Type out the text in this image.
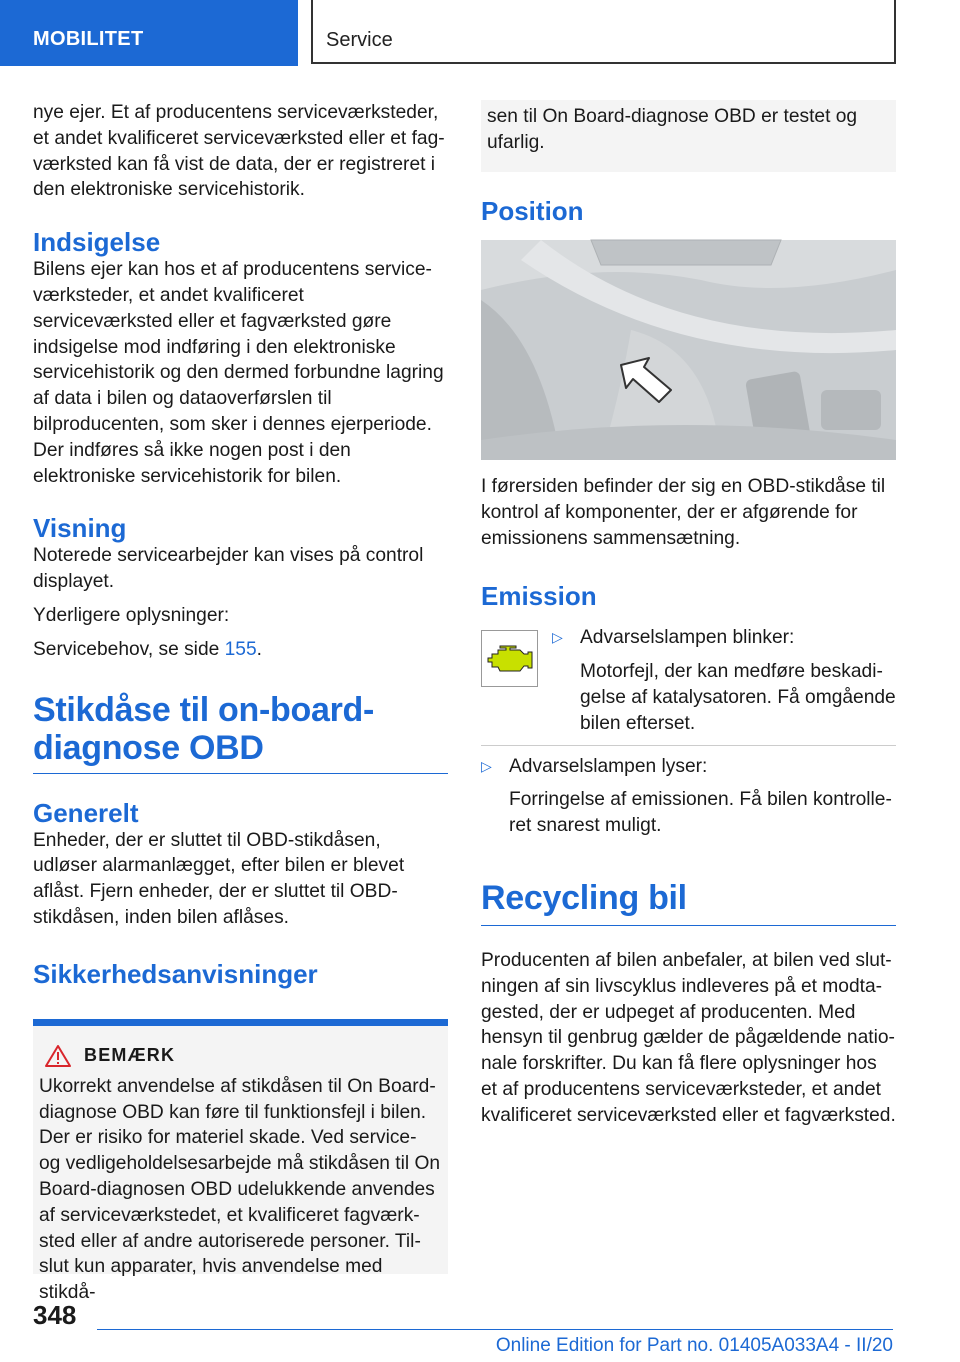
MOBILITET	Service

nye ejer. Et af producentens serviceværksteder, et andet kvalificeret serviceværksted eller et fagværksted kan få vist de data, der er registreret i den elektroniske servicehistorik.

Indsigelse

Bilens ejer kan hos et af producentens serviceværksteder, et andet kvalificeret serviceværksted eller et fagværksted gøre indsigelse mod indføring i den elektroniske servicehistorik og den dermed forbundne lagring af data i bilen og dataoverførslen til bilproducenten, som sker i dennes ejerperiode. Der indføres så ikke nogen post i den elektroniske servicehistorik for bilen.

Visning

Noterede servicearbejder kan vises på control displayet.

Yderligere oplysninger:

Servicebehov, se side 155.

Stikdåse til on-board-diagnose OBD
Generelt

Enheder, der er sluttet til OBD-stikdåsen, udløser alarmanlægget, efter bilen er blevet aflåst. Fjern enheder, der er sluttet til OBD-stikdåsen, inden bilen aflåses.

Sikkerhedsanvisninger
BEMÆRK

Ukorrekt anvendelse af stikdåsen til On Board-diagnose OBD kan føre til funktionsfejl i bilen. Der er risiko for materiel skade. Ved service- og vedligeholdelsesarbejde må stikdåsen til On Board-diagnosen OBD udelukkende anvendes af serviceværkstedet, et kvalificeret fagværksted eller af andre autoriserede personer. Tilslut kun apparater, hvis anvendelse med stikdå-

sen til On Board-diagnose OBD er testet og ufarlig.

Position

I førersiden befinder der sig en OBD-stikdåse til kontrol af komponenter, der er afgørende for emissionens sammensætning.

Emission
▷ Advarselslampen blinker:

Motorfejl, der kan medføre beskadigelse af katalysatoren. Få omgående bilen efterset.

▷ Advarselslampen lyser:

Forringelse af emissionen. Få bilen kontrolleret snarest muligt.

Recycling bil

Producenten af bilen anbefaler, at bilen ved slutningen af sin livscyklus indleveres på et modtagested, der er udpeget af producenten. Med hensyn til genbrug gælder de pågældende nationale forskrifter. Du kan få flere oplysninger hos et af producentens serviceværksteder, et andet kvalificeret serviceværksted eller et fagværksted.

348
Online Edition for Part no. 01405A033A4 - II/20
